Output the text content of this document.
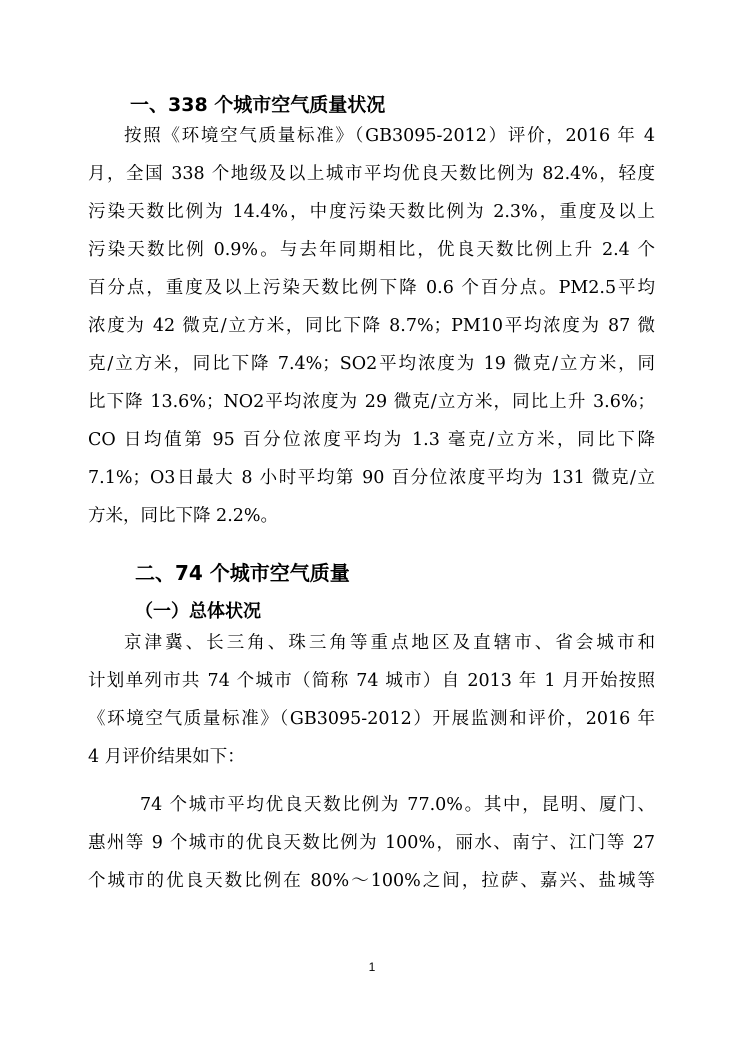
一、338 个城市空气质量状况
按照《环境空气质量标准》（GB3095-2012）评价，2016 年 4
月，全国 338 个地级及以上城市平均优良天数比例为 82.4%，轻度
污染天数比例为 14.4%，中度污染天数比例为 2.3%，重度及以上
污染天数比例 0.9%。与去年同期相比，优良天数比例上升 2.4 个
百分点，重度及以上污染天数比例下降 0.6 个百分点。PM2.5平均
浓度为 42 微克/立方米，同比下降 8.7%；PM10平均浓度为 87 微
克/立方米，同比下降 7.4%；SO2平均浓度为 19 微克/立方米，同
比下降 13.6%；NO2平均浓度为 29 微克/立方米，同比上升 3.6%；
CO 日均值第 95 百分位浓度平均为 1.3 毫克/立方米，同比下降
7.1%；O3日最大 8 小时平均第 90 百分位浓度平均为 131 微克/立
方米，同比下降 2.2%。
二、74 个城市空气质量
（一）总体状况
京津冀、长三角、珠三角等重点地区及直辖市、省会城市和
计划单列市共 74 个城市（简称 74 城市）自 2013 年 1 月开始按照
《环境空气质量标准》（GB3095-2012）开展监测和评价，2016 年
4 月评价结果如下：
74 个城市平均优良天数比例为 77.0%。其中，昆明、厦门、
惠州等 9 个城市的优良天数比例为 100%，丽水、南宁、江门等 27
个城市的优良天数比例在 80%～100%之间，拉萨、嘉兴、盐城等
1
